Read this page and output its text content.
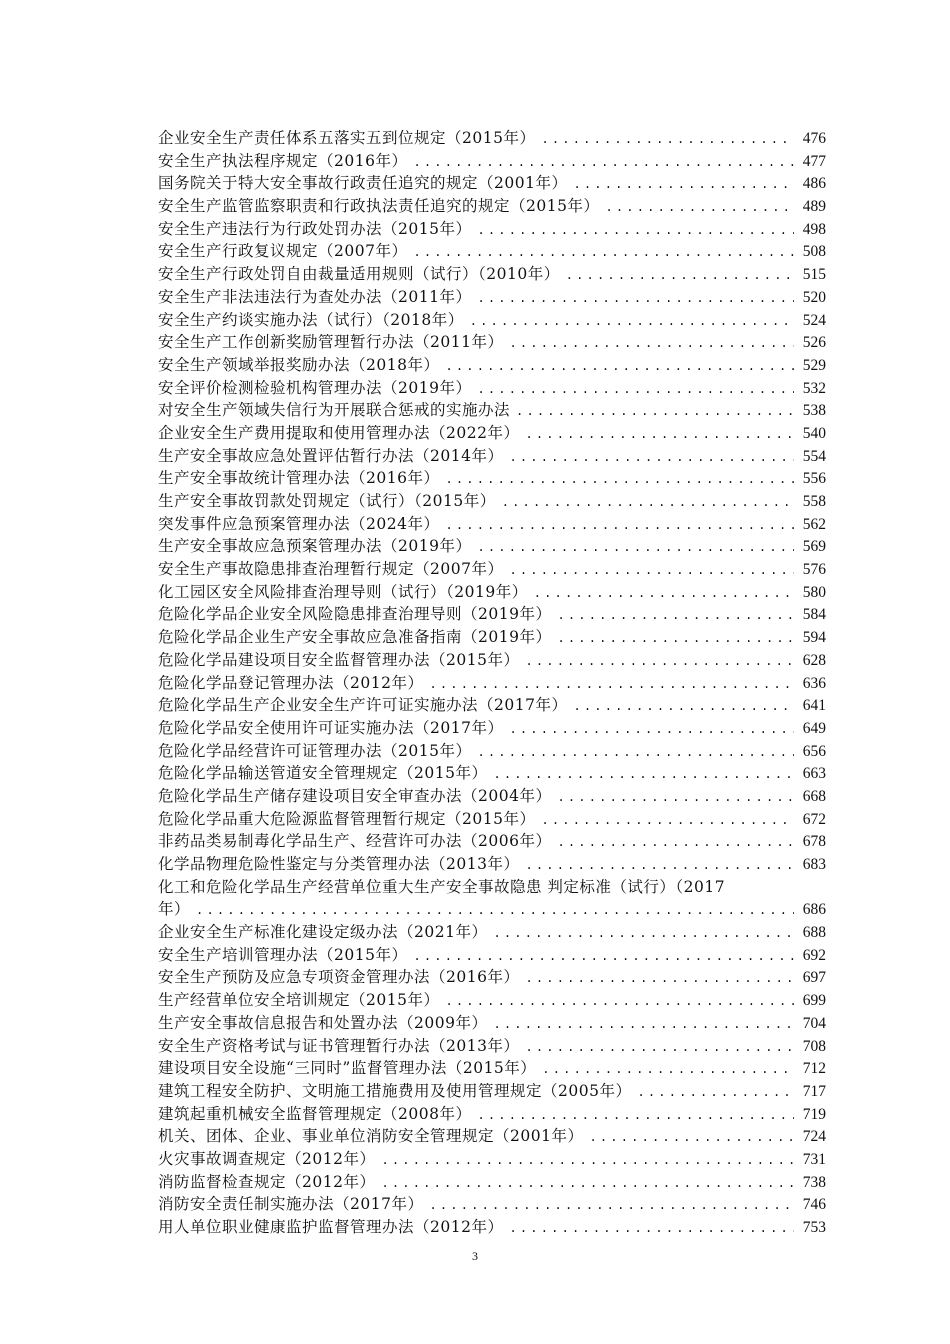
企业安全生产责任体系五落实五到位规定（2015年） .....	476
安全生产执法程序规定（2016年） .....	477
国务院关于特大安全事故行政责任追究的规定（2001年） .....	486
安全生产监管监察职责和行政执法责任追究的规定（2015年） .....	489
安全生产违法行为行政处罚办法（2015年） .....	498
安全生产行政复议规定（2007年） .....	508
安全生产行政处罚自由裁量适用规则（试行）（2010年） .....	515
安全生产非法违法行为查处办法（2011年） .....	520
安全生产约谈实施办法（试行）（2018年） .....	524
安全生产工作创新奖励管理暂行办法（2011年） .....	526
安全生产领域举报奖励办法（2018年） .....	529
安全评价检测检验机构管理办法（2019年） .....	532
对安全生产领域失信行为开展联合惩戒的实施办法 .....	538
企业安全生产费用提取和使用管理办法（2022年） .....	540
生产安全事故应急处置评估暂行办法（2014年） .....	554
生产安全事故统计管理办法（2016年） .....	556
生产安全事故罚款处罚规定（试行）（2015年） .....	558
突发事件应急预案管理办法（2024年） .....	562
生产安全事故应急预案管理办法（2019年） .....	569
安全生产事故隐患排查治理暂行规定（2007年） .....	576
化工园区安全风险排查治理导则（试行）（2019年） .....	580
危险化学品企业安全风险隐患排查治理导则（2019年） .....	584
危险化学品企业生产安全事故应急准备指南（2019年） .....	594
危险化学品建设项目安全监督管理办法（2015年） .....	628
危险化学品登记管理办法（2012年） .....	636
危险化学品生产企业安全生产许可证实施办法（2017年） .....	641
危险化学品安全使用许可证实施办法（2017年） .....	649
危险化学品经营许可证管理办法（2015年） .....	656
危险化学品输送管道安全管理规定（2015年） .....	663
危险化学品生产储存建设项目安全审查办法（2004年） .....	668
危险化学品重大危险源监督管理暂行规定（2015年） .....	672
非药品类易制毒化学品生产、经营许可办法（2006年） .....	678
化学品物理危险性鉴定与分类管理办法（2013年） .....	683
化工和危险化学品生产经营单位重大生产安全事故隐患 判定标准（试行）（2017
年） .....	686
企业安全生产标准化建设定级办法（2021年） .....	688
安全生产培训管理办法（2015年） .....	692
安全生产预防及应急专项资金管理办法（2016年） .....	697
生产经营单位安全培训规定（2015年） .....	699
生产安全事故信息报告和处置办法（2009年） .....	704
安全生产资格考试与证书管理暂行办法（2013年） .....	708
建设项目安全设施“三同时”监督管理办法（2015年） .....	712
建筑工程安全防护、文明施工措施费用及使用管理规定（2005年） .....	717
建筑起重机械安全监督管理规定（2008年） .....	719
机关、团体、企业、事业单位消防安全管理规定（2001年） .....	724
火灾事故调查规定（2012年） .....	731
消防监督检查规定（2012年） .....	738
消防安全责任制实施办法（2017年） .....	746
用人单位职业健康监护监督管理办法（2012年） .....	753
3
